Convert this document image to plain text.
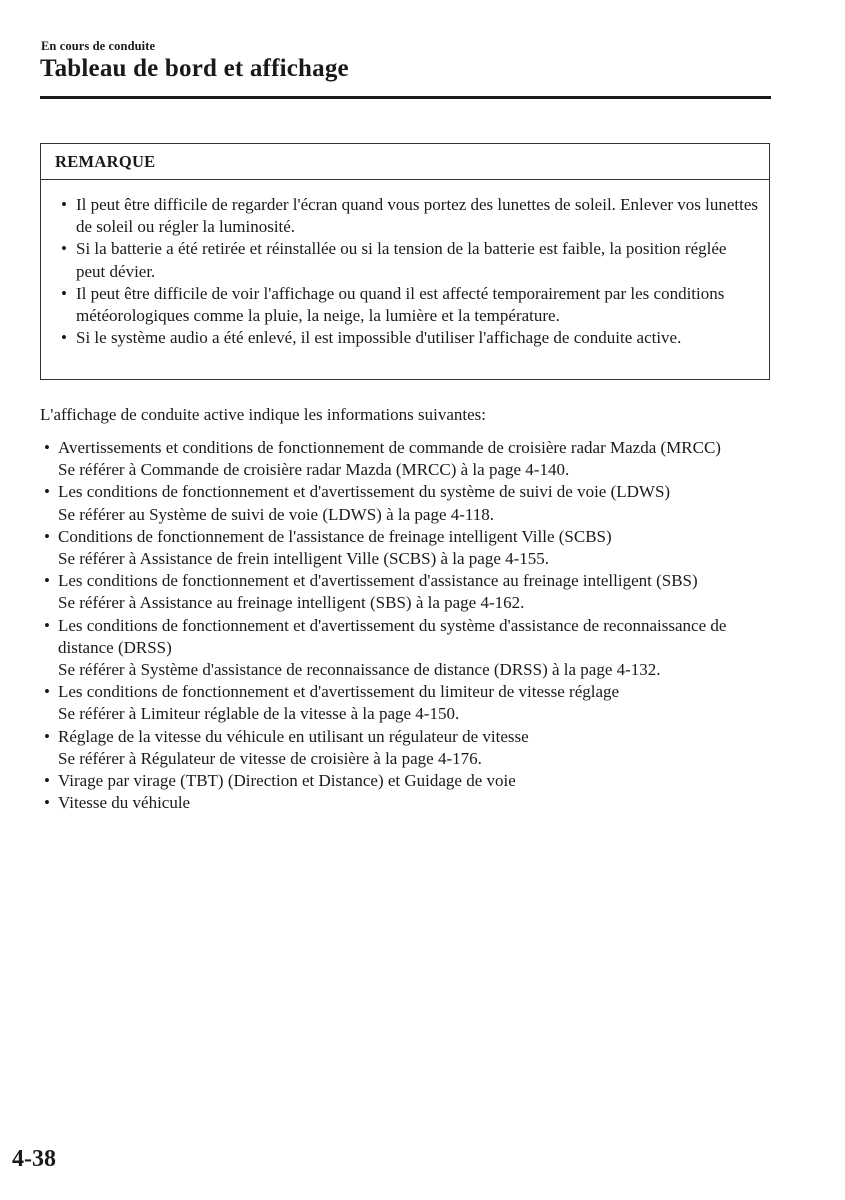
En cours de conduite
Tableau de bord et affichage
REMARQUE
• Il peut être difficile de regarder l'écran quand vous portez des lunettes de soleil. Enlever vos lunettes de soleil ou régler la luminosité.
• Si la batterie a été retirée et réinstallée ou si la tension de la batterie est faible, la position réglée peut dévier.
• Il peut être difficile de voir l'affichage ou quand il est affecté temporairement par les conditions météorologiques comme la pluie, la neige, la lumière et la température.
• Si le système audio a été enlevé, il est impossible d'utiliser l'affichage de conduite active.
L'affichage de conduite active indique les informations suivantes:
• Avertissements et conditions de fonctionnement de commande de croisière radar Mazda (MRCC)
Se référer à Commande de croisière radar Mazda (MRCC) à la page 4-140.
• Les conditions de fonctionnement et d'avertissement du système de suivi de voie (LDWS)
Se référer au Système de suivi de voie (LDWS) à la page 4-118.
• Conditions de fonctionnement de l'assistance de freinage intelligent Ville (SCBS)
Se référer à Assistance de frein intelligent Ville (SCBS) à la page 4-155.
• Les conditions de fonctionnement et d'avertissement d'assistance au freinage intelligent (SBS)
Se référer à Assistance au freinage intelligent (SBS) à la page 4-162.
• Les conditions de fonctionnement et d'avertissement du système d'assistance de reconnaissance de distance (DRSS)
Se référer à Système d'assistance de reconnaissance de distance (DRSS) à la page 4-132.
• Les conditions de fonctionnement et d'avertissement du limiteur de vitesse réglage
Se référer à Limiteur réglable de la vitesse à la page 4-150.
• Réglage de la vitesse du véhicule en utilisant un régulateur de vitesse
Se référer à Régulateur de vitesse de croisière à la page 4-176.
• Virage par virage (TBT) (Direction et Distance) et Guidage de voie
• Vitesse du véhicule
4-38
